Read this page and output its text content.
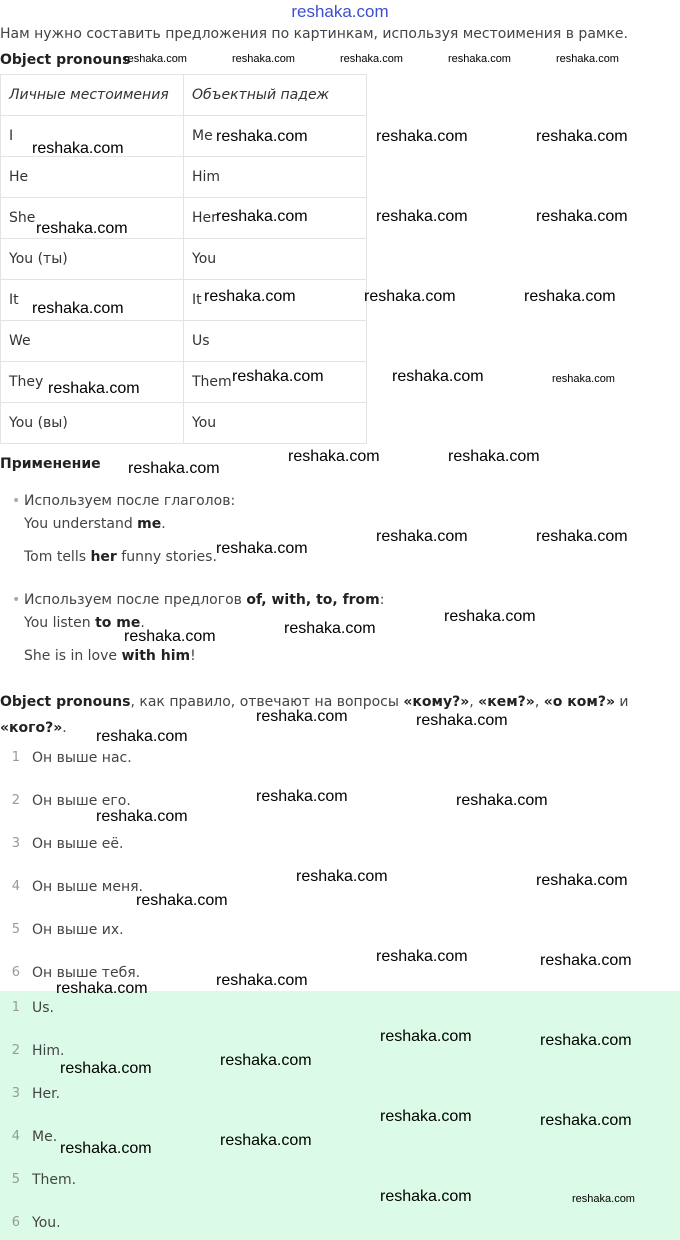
reshaka.com
Нам нужно составить предложения по картинкам, используя местоимения в рамке.
Object pronouns
Личные местоимения	Объектный падеж
I	Me
He	Him
She	Her
You (ты)	You
It	It
We	Us
They	Them
You (вы)	You
Применение
• Используем после глаголов:
You understand me.
Tom tells her funny stories.
• Используем после предлогов of, with, to, from:
You listen to me.
She is in love with him!
Object pronouns, как правило, отвечают на вопросы «кому?», «кем?», «о ком?» и
«кого?».
1 Он выше нас.
2 Он выше его.
3 Он выше её.
4 Он выше меня.
5 Он выше их.
6 Он выше тебя.
1 Us.
2 Him.
3 Her.
4 Me.
5 Them.
6 You.
reshaka.com	reshaka.com	reshaka.com	reshaka.com	reshaka.com
reshaka.com	reshaka.com	reshaka.com
reshaka.com
reshaka.com	reshaka.com	reshaka.com
reshaka.com
reshaka.com	reshaka.com	reshaka.com
reshaka.com
reshaka.com	reshaka.com	reshaka.com
reshaka.com
reshaka.com	reshaka.com
reshaka.com
reshaka.com
reshaka.com	reshaka.com
reshaka.com
reshaka.com
reshaka.com
reshaka.com	reshaka.com
reshaka.com
reshaka.com	reshaka.com
reshaka.com
reshaka.com	reshaka.com
reshaka.com
reshaka.com	reshaka.com
reshaka.com
reshaka.com
reshaka.com	reshaka.com
reshaka.com
reshaka.com
reshaka.com	reshaka.com
reshaka.com
reshaka.com
reshaka.com	reshaka.com
